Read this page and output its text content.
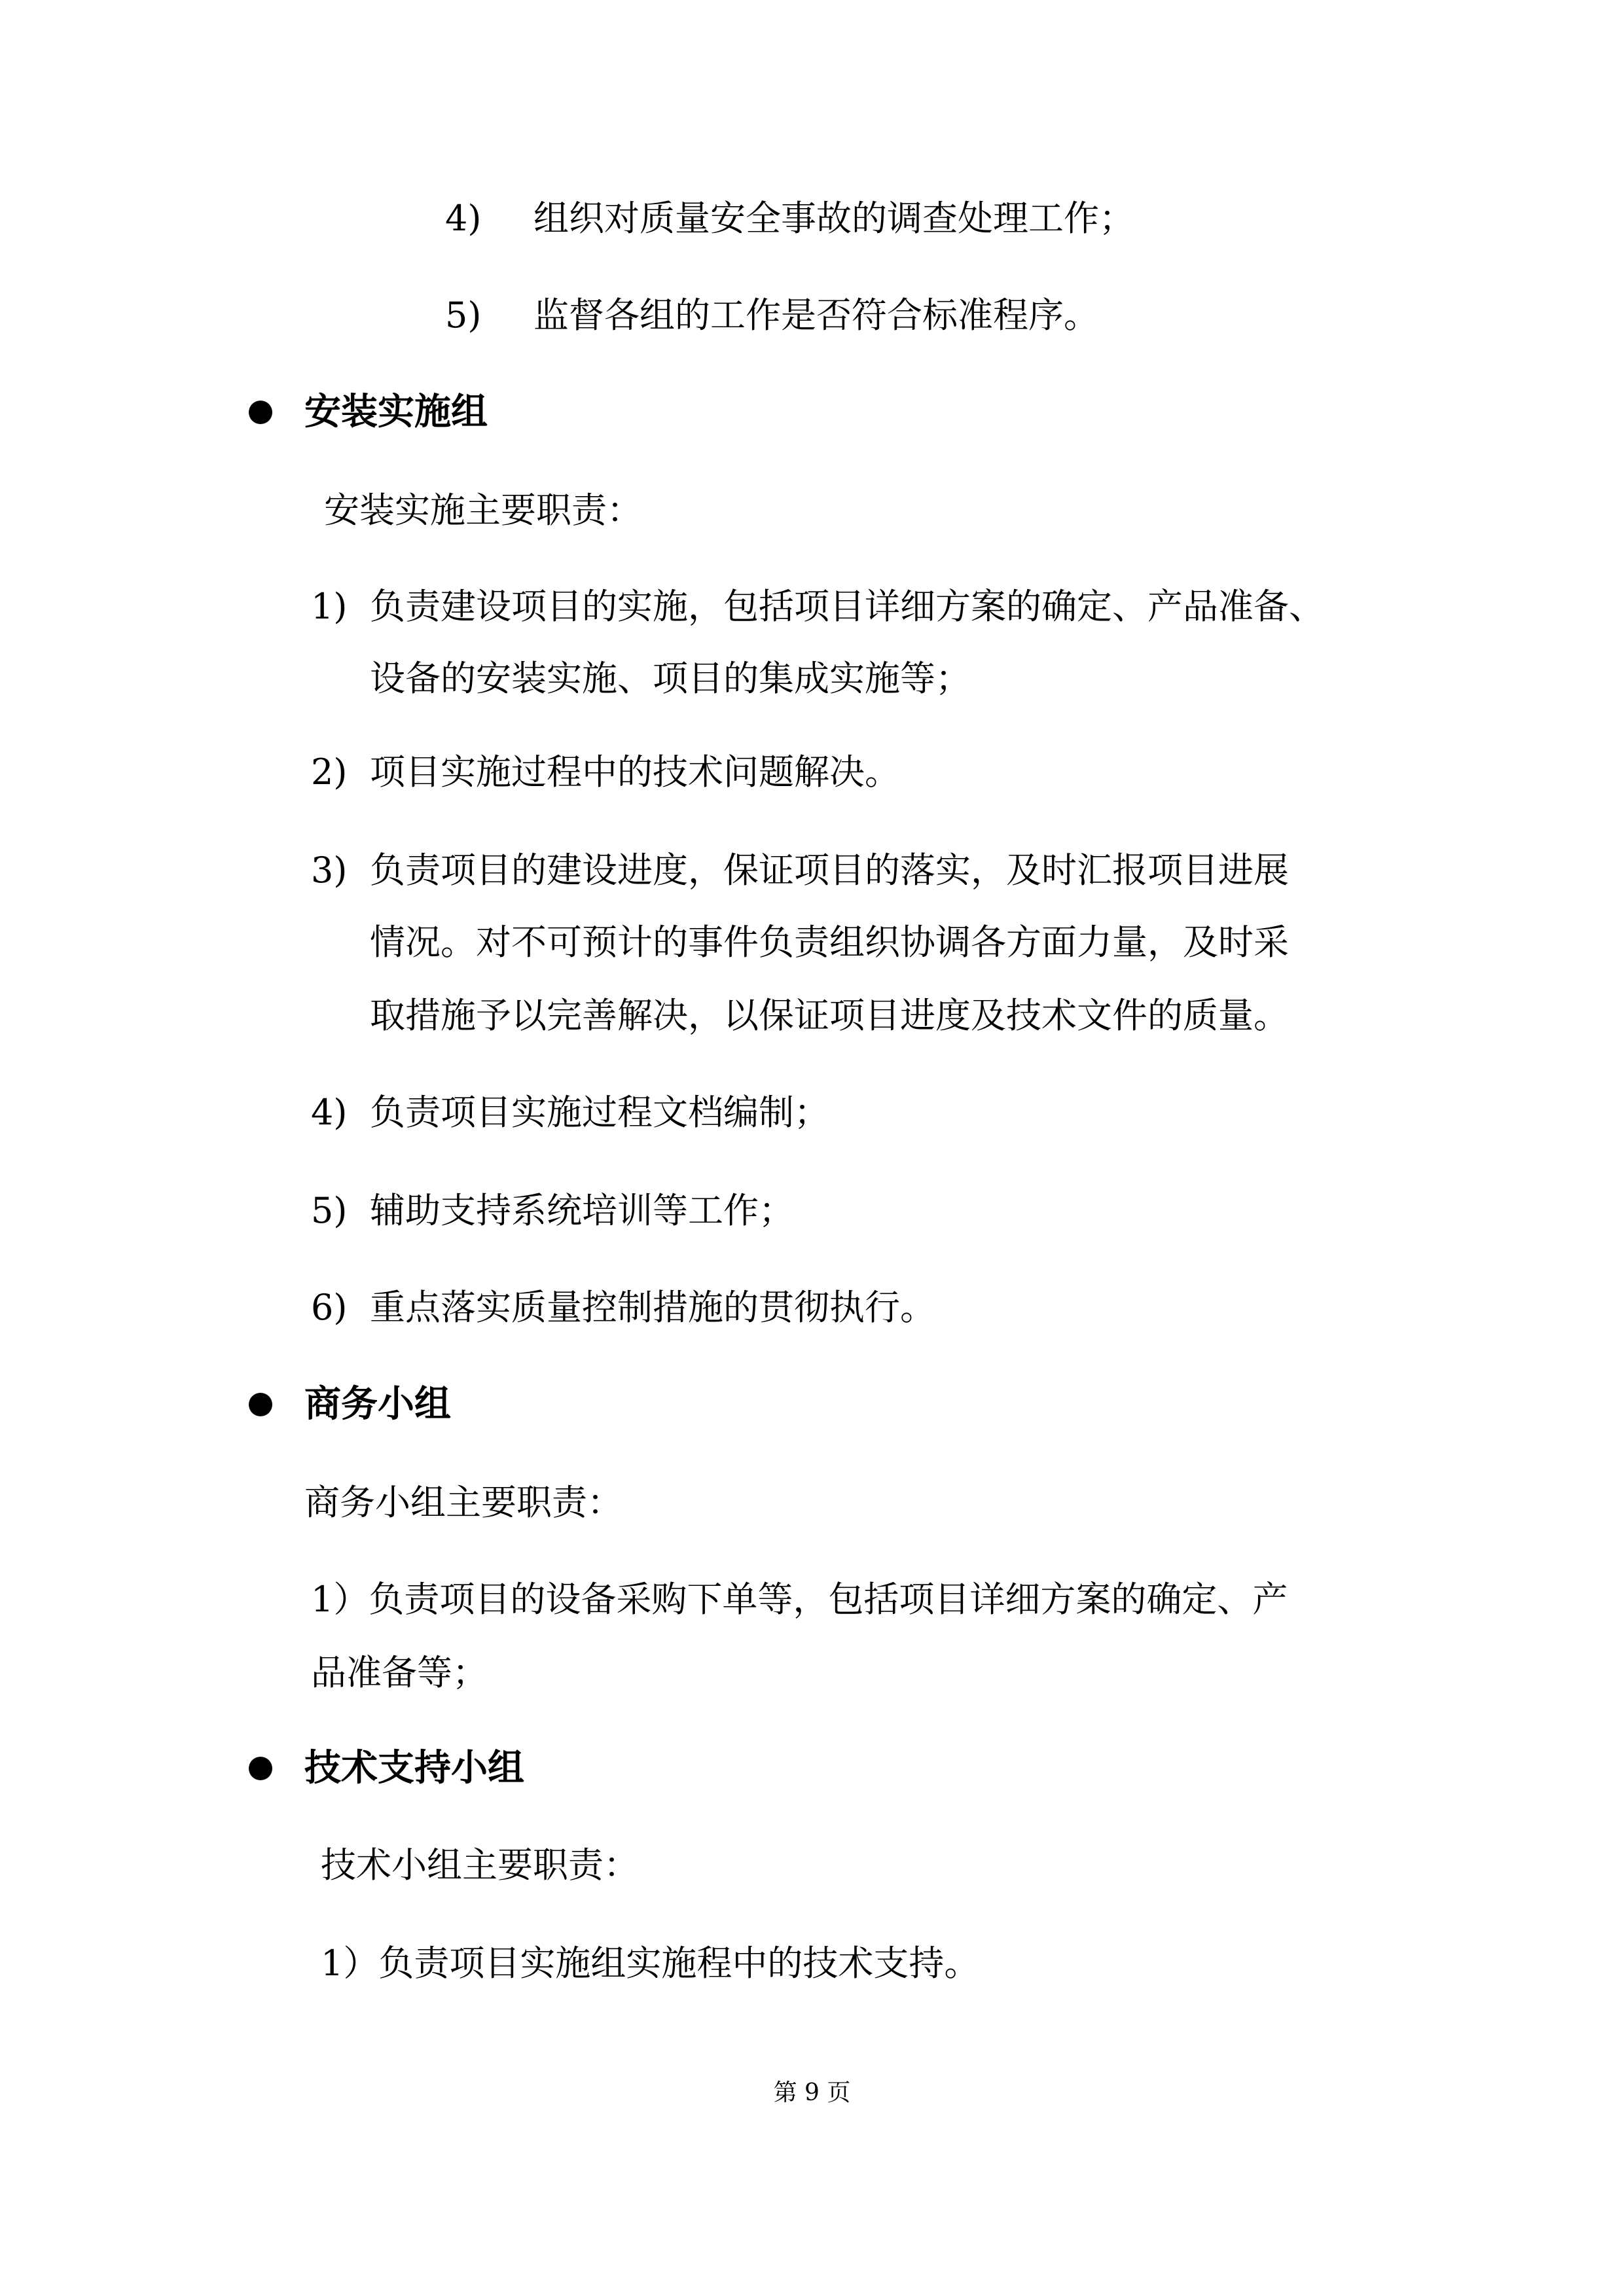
4) 组织对质量安全事故的调查处理工作；
5) 监督各组的工作是否符合标准程序。
安装实施组
安装实施主要职责：
1) 负责建设项目的实施，包括项目详细方案的确定、产品准备、
设备的安装实施、项目的集成实施等；
2) 项目实施过程中的技术问题解决。
3) 负责项目的建设进度，保证项目的落实，及时汇报项目进展
情况。对不可预计的事件负责组织协调各方面力量，及时采
取措施予以完善解决，以保证项目进度及技术文件的质量。
4) 负责项目实施过程文档编制；
5) 辅助支持系统培训等工作；
6) 重点落实质量控制措施的贯彻执行。
商务小组
商务小组主要职责：
1）负责项目的设备采购下单等，包括项目详细方案的确定、产
品准备等；
技术支持小组
技术小组主要职责：
1）负责项目实施组实施程中的技术支持。
第 9 页
